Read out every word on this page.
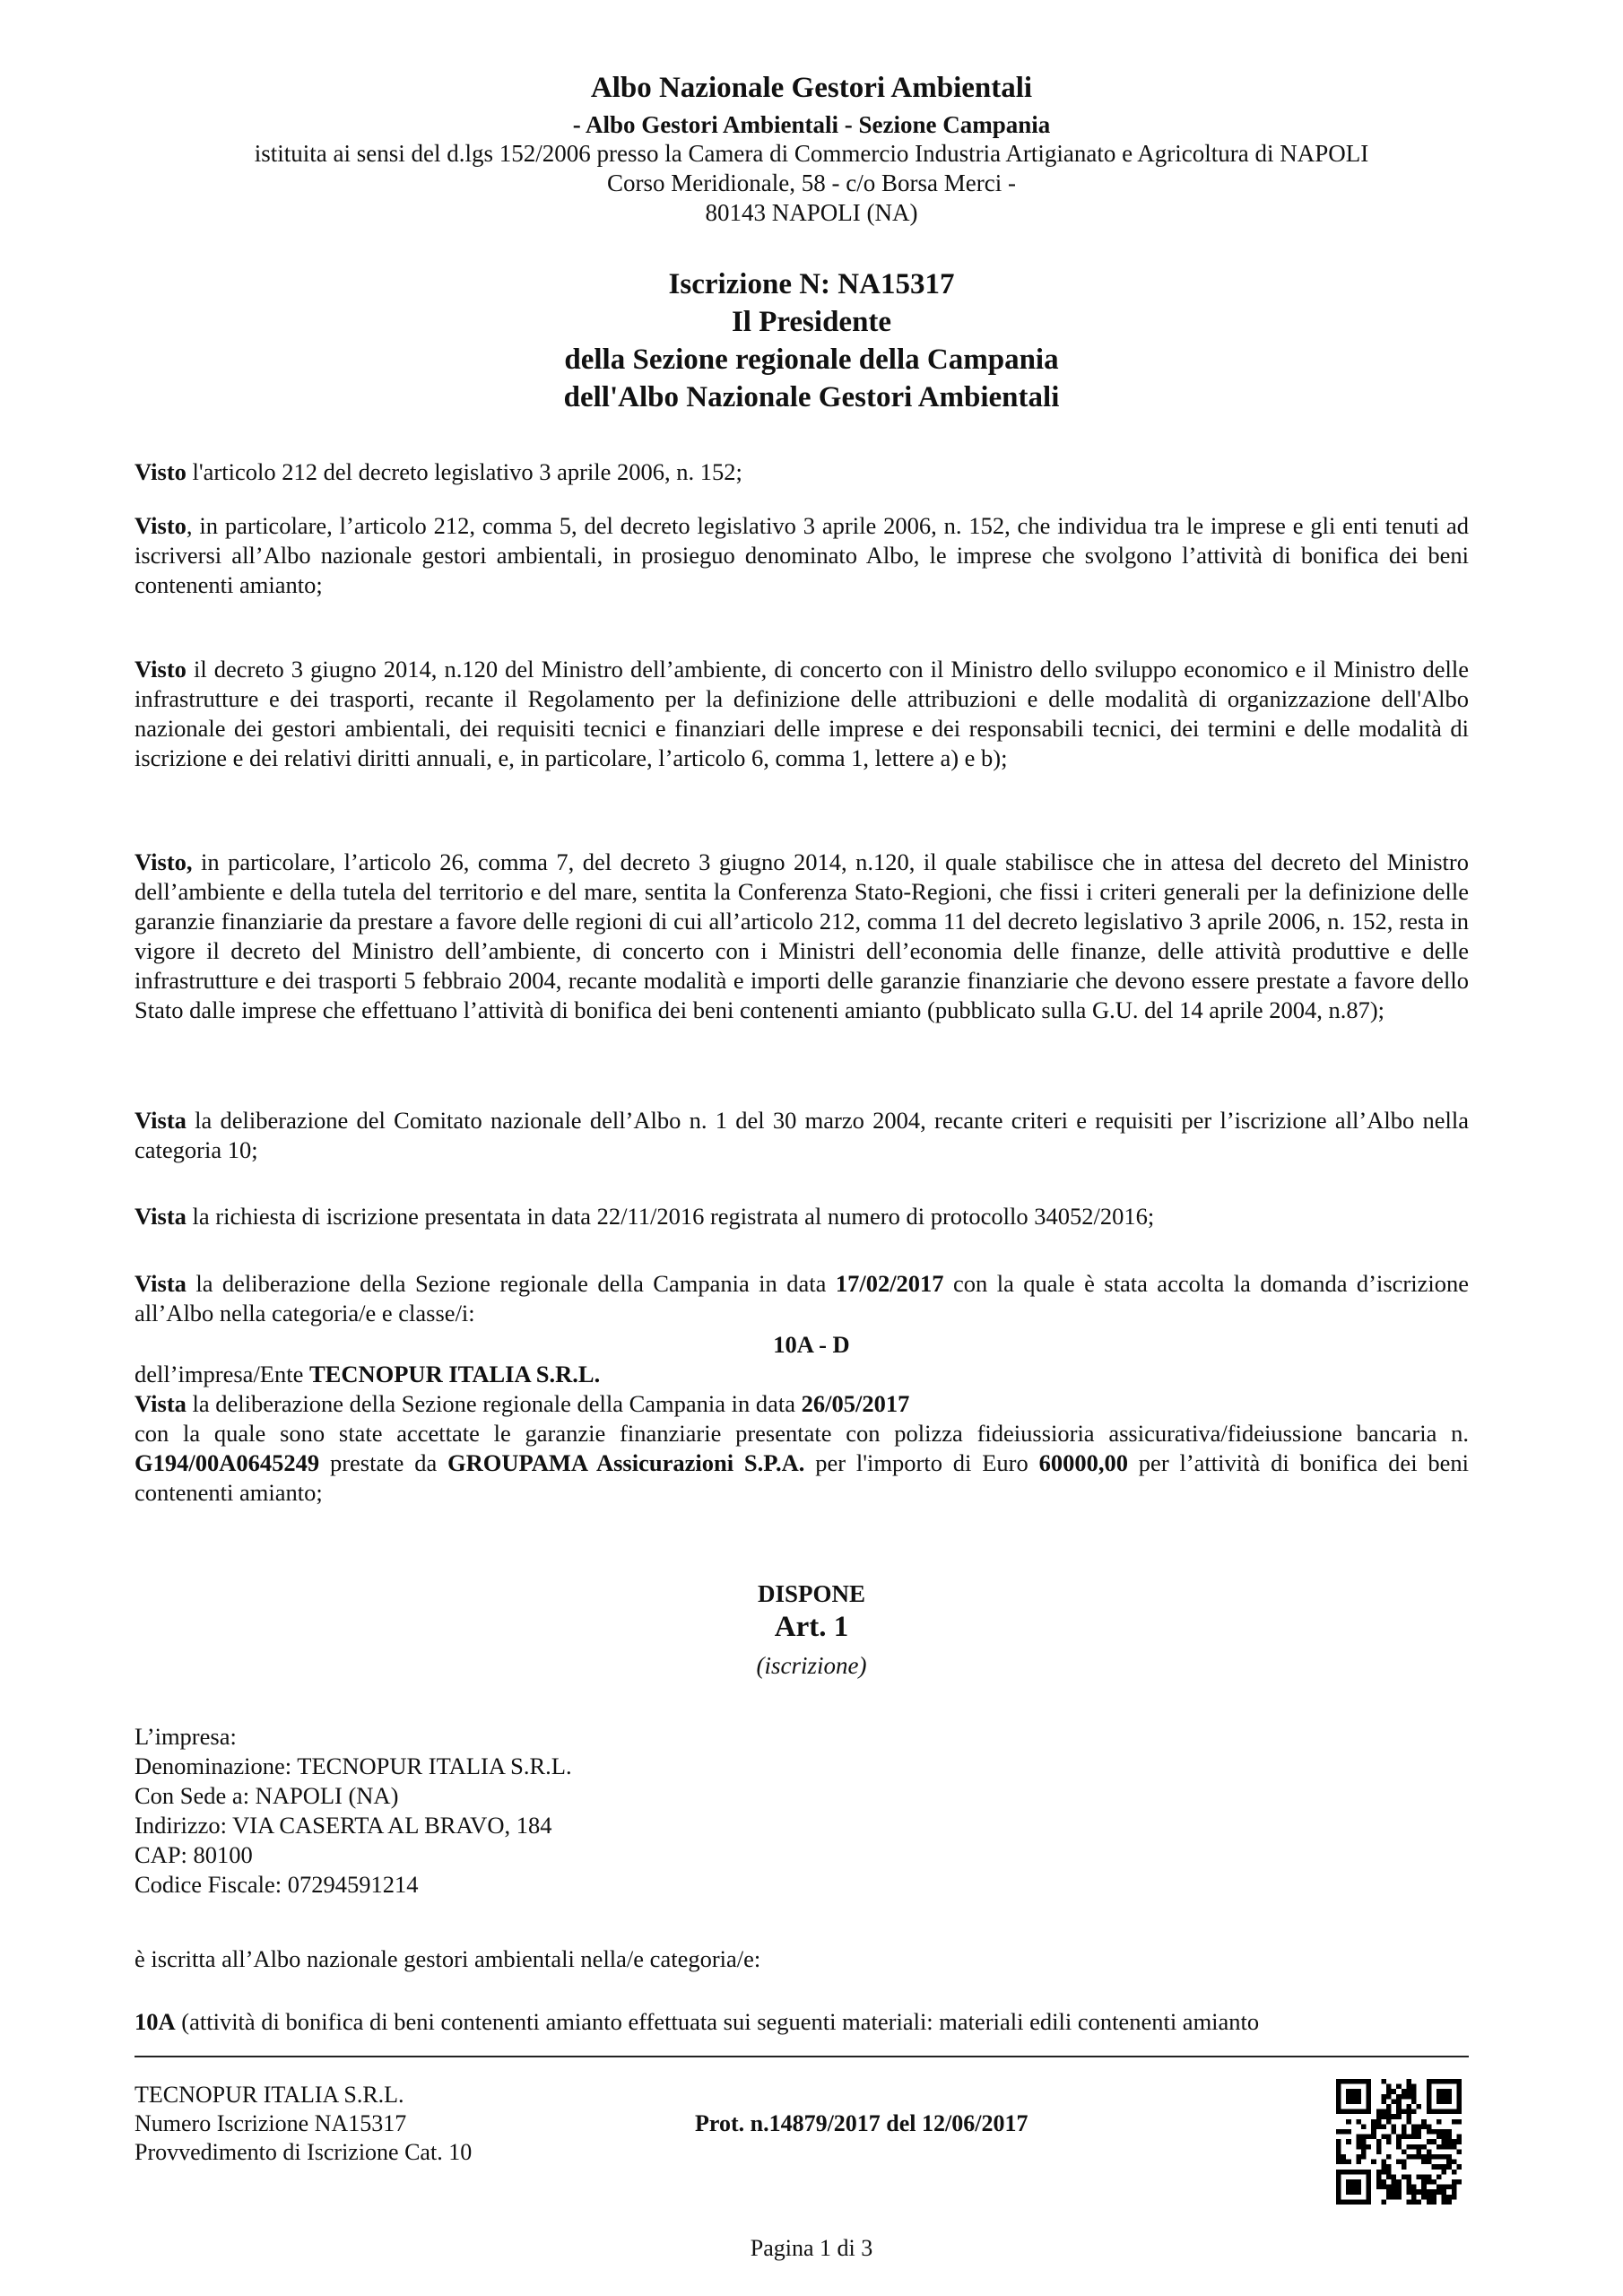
Albo Nazionale Gestori Ambientali
- Albo Gestori Ambientali - Sezione Campania
istituita ai sensi del d.lgs 152/2006 presso la Camera di Commercio Industria Artigianato e Agricoltura di NAPOLI
Corso Meridionale, 58 - c/o Borsa Merci -
80143 NAPOLI (NA)
Iscrizione N: NA15317
Il Presidente
della Sezione regionale della Campania
dell'Albo Nazionale Gestori Ambientali

Visto l'articolo 212 del decreto legislativo 3 aprile 2006, n. 152;

Visto, in particolare, l’articolo 212, comma 5, del decreto legislativo 3 aprile 2006, n. 152, che individua tra le imprese e gli enti tenuti ad iscriversi all’Albo nazionale gestori ambientali, in prosieguo denominato Albo, le imprese che svolgono l’attività di bonifica dei beni contenenti amianto;

Visto il decreto 3 giugno 2014, n.120 del Ministro dell’ambiente, di concerto con il Ministro dello sviluppo economico e il Ministro delle infrastrutture e dei trasporti, recante il Regolamento per la definizione delle attribuzioni e delle modalità di organizzazione dell'Albo nazionale dei gestori ambientali, dei requisiti tecnici e finanziari delle imprese e dei responsabili tecnici, dei termini e delle modalità di iscrizione e dei relativi diritti annuali, e, in particolare, l’articolo 6, comma 1, lettere a) e b);

Visto, in particolare, l’articolo 26, comma 7, del decreto 3 giugno 2014, n.120, il quale stabilisce che in attesa del decreto del Ministro dell’ambiente e della tutela del territorio e del mare, sentita la Conferenza Stato-Regioni, che fissi i criteri generali per la definizione delle garanzie finanziarie da prestare a favore delle regioni di cui all’articolo 212, comma 11 del decreto legislativo 3 aprile 2006, n. 152, resta in vigore il decreto del Ministro dell’ambiente, di concerto con i Ministri dell’economia delle finanze, delle attività produttive e delle infrastrutture e dei trasporti 5 febbraio 2004, recante modalità e importi delle garanzie finanziarie che devono essere prestate a favore dello Stato dalle imprese che effettuano l’attività di bonifica dei beni contenenti amianto (pubblicato sulla G.U. del 14 aprile 2004, n.87);

Vista la deliberazione del Comitato nazionale dell’Albo n. 1 del 30 marzo 2004, recante criteri e requisiti per l’iscrizione all’Albo nella categoria 10;

Vista la richiesta di iscrizione presentata in data 22/11/2016 registrata al numero di protocollo 34052/2016;

Vista la deliberazione della Sezione regionale della Campania in data 17/02/2017 con la quale è stata accolta la domanda d’iscrizione all’Albo nella categoria/e e classe/i:

10A - D
dell’impresa/Ente TECNOPUR ITALIA S.R.L.
Vista la deliberazione della Sezione regionale della Campania in data 26/05/2017

con la quale sono state accettate le garanzie finanziarie presentate con polizza fideiussioria assicurativa/fideiussione bancaria n. G194/00A0645249 prestate da GROUPAMA Assicurazioni S.P.A. per l'importo di Euro 60000,00 per l’attività di bonifica dei beni contenenti amianto;

DISPONE
Art. 1
(iscrizione)
L’impresa:
Denominazione: TECNOPUR ITALIA S.R.L.
Con Sede a: NAPOLI (NA)
Indirizzo: VIA CASERTA AL BRAVO, 184
CAP: 80100
Codice Fiscale: 07294591214
è iscritta all’Albo nazionale gestori ambientali nella/e categoria/e:
10A (attività di bonifica di beni contenenti amianto effettuata sui seguenti materiali: materiali edili contenenti amianto
TECNOPUR ITALIA S.R.L.
Numero Iscrizione NA15317
Provvedimento di Iscrizione Cat. 10
Prot. n.14879/2017 del 12/06/2017
Pagina 1 di 3
